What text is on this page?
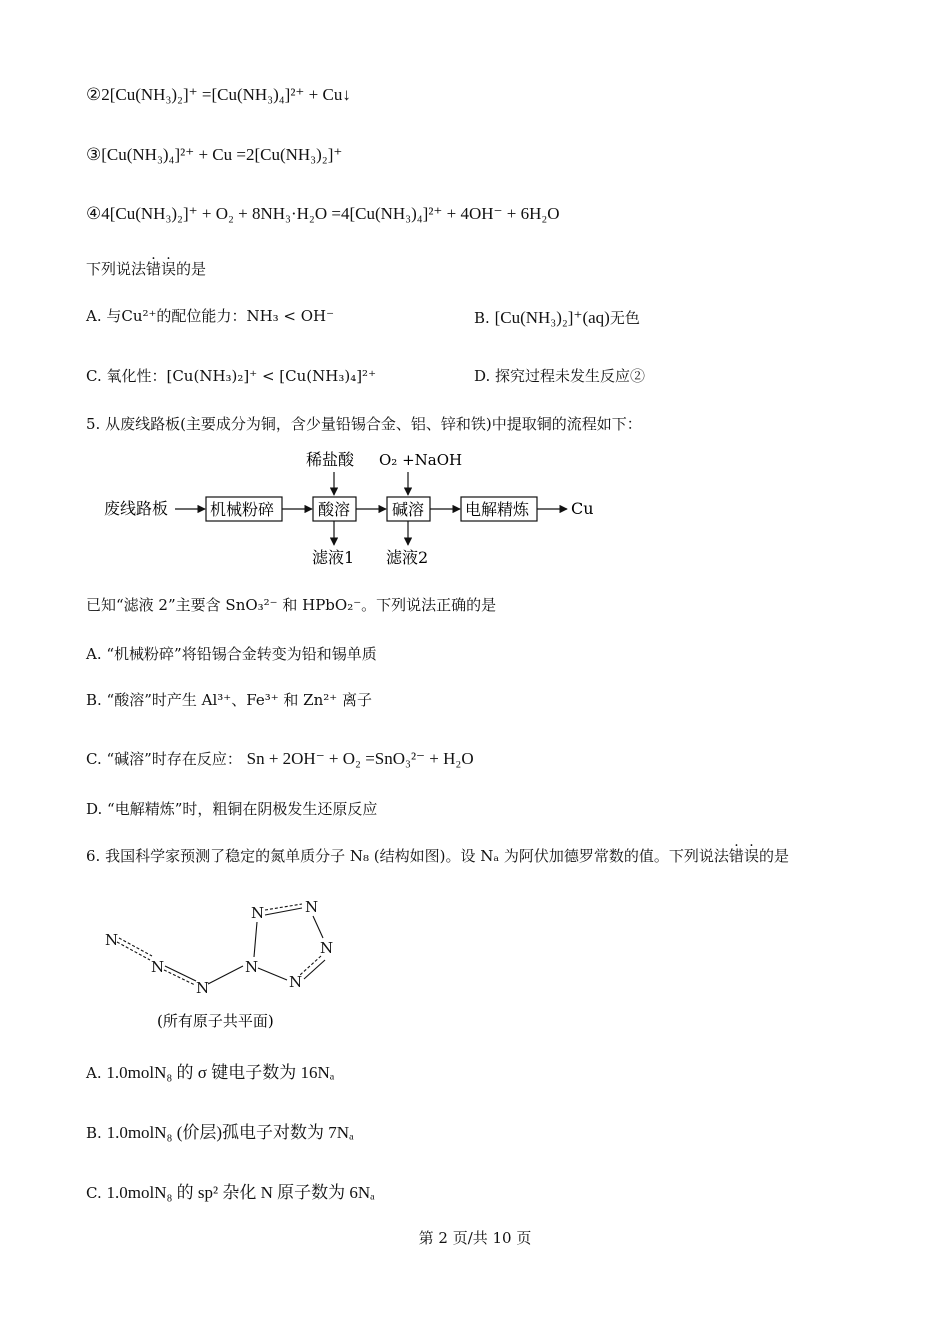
②2[Cu(NH₃)₂]⁺ =[Cu(NH₃)₄]²⁺ + Cu↓
③[Cu(NH₃)₄]²⁺ + Cu =2[Cu(NH₃)₂]⁺
④4[Cu(NH₃)₂]⁺ + O₂ + 8NH₃·H₂O =4[Cu(NH₃)₄]²⁺ + 4OH⁻ + 6H₂O
下列说法错误的是
A. 与Cu²⁺的配位能力：NH₃ < OH⁻	B. [Cu(NH₃)₂]⁺(aq)无色
C. 氧化性：[Cu(NH₃)₂]⁺ < [Cu(NH₃)₄]²⁺	D. 探究过程未发生反应②
5. 从废线路板(主要成分为铜，含少量铅锡合金、铝、锌和铁)中提取铜的流程如下：
废线路板	机械粉碎	酸溶
稀盐酸
滤液1
碱溶
O₂ +NaOH
滤液2
电解精炼	Cu
已知“滤液 2”主要含 SnO₃²⁻ 和 HPbO₂⁻。下列说法正确的是
A. “机械粉碎”将铅锡合金转变为铅和锡单质
B. “酸溶”时产生 Al³⁺、Fe³⁺ 和 Zn²⁺ 离子
C. “碱溶”时存在反应： Sn + 2OH⁻ + O₂ =SnO₃²⁻ + H₂O
D. “电解精炼”时，粗铜在阴极发生还原反应
6. 我国科学家预测了稳定的氮单质分子 N₈ (结构如图)。设 Nₐ 为阿伏加德罗常数的值。下列说法错误的是
N
N
N
N
N	N
N
N
(所有原子共平面)
A. 1.0molN₈ 的 σ 键电子数为 16Nₐ
B. 1.0molN₈ (价层)孤电子对数为 7Nₐ
C. 1.0molN₈ 的 sp² 杂化 N 原子数为 6Nₐ
第 2 页/共 10 页
